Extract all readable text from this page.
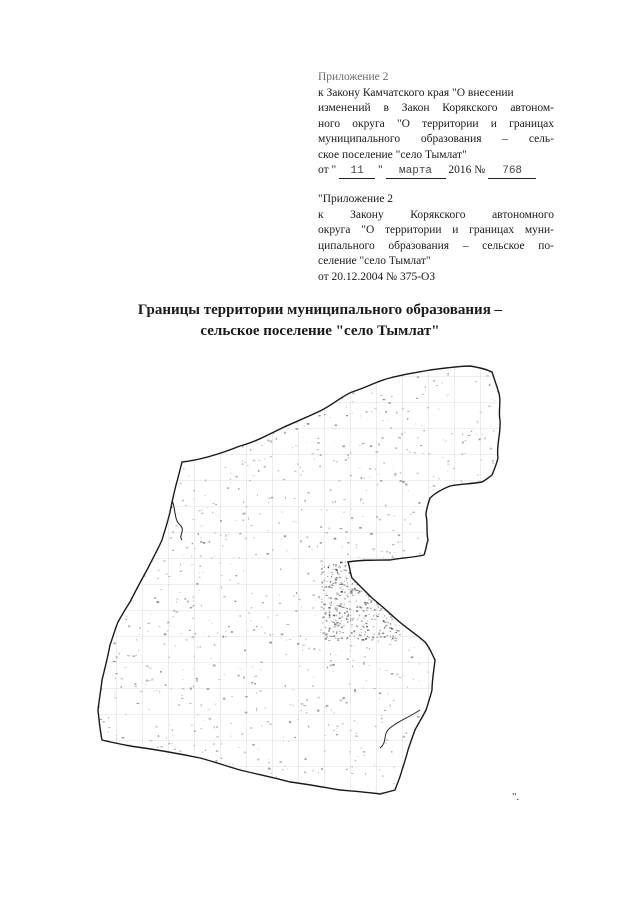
Приложение 2
к Закону Камчатского края "О внесении
изменений в Закон Корякского автоном-
ного округа "О территории и границах
муниципального образования – сель-
ское поселение "село Тымлат"
от " 11 " марта 2016 № 768
"Приложение 2
к Закону Корякского автономного
округа "О территории и границах муни-
ципального образования – сельское по-
селение "село Тымлат"
от 20.12.2004 № 375-ОЗ
Границы территории муниципального образования –
сельское поселение "село Тымлат"
".
